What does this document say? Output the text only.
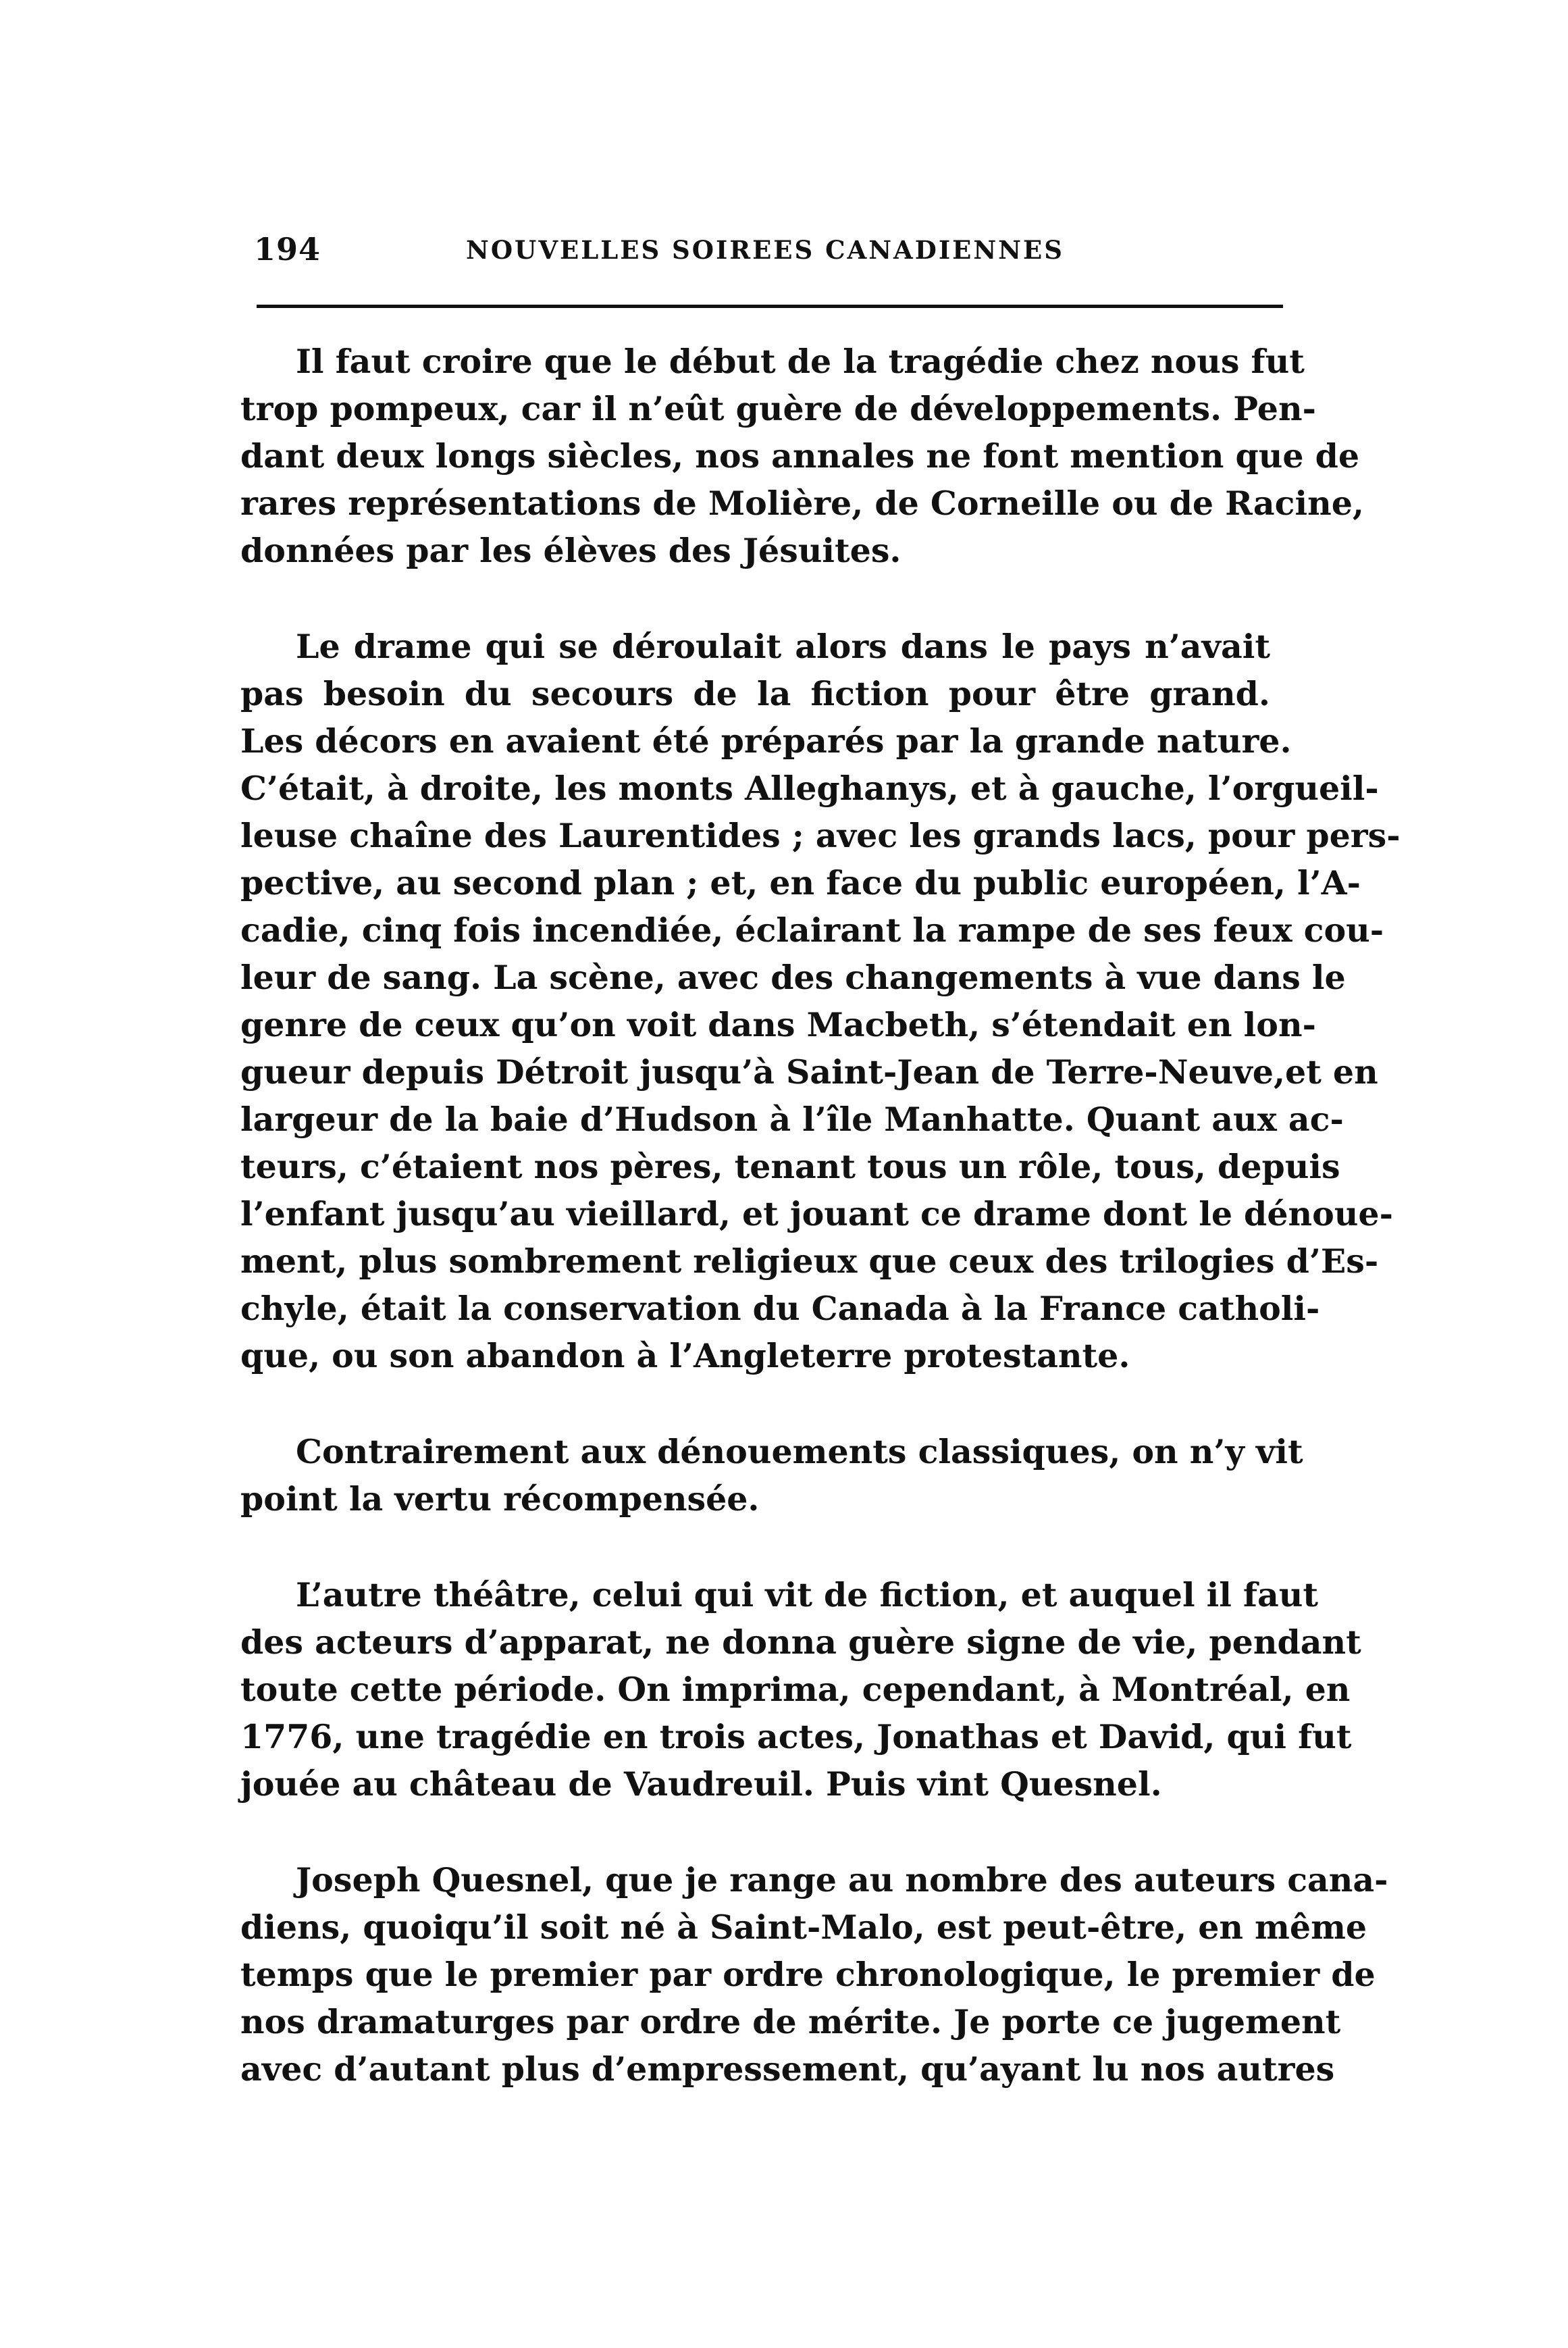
194	NOUVELLES SOIREES CANADIENNES
Il faut croire que le début de la tragédie chez nous fut
trop pompeux, car il n’eût guère de développements. Pen-
dant deux longs siècles, nos annales ne font mention que de
rares représentations de Molière, de Corneille ou de Racine,
données par les élèves des Jésuites.
Le drame qui se déroulait alors dans le pays n’avait
pas besoin du secours de la fiction pour être grand.
Les décors en avaient été préparés par la grande nature.
C’était, à droite, les monts Alleghanys, et à gauche, l’orgueil-
leuse chaîne des Laurentides ; avec les grands lacs, pour pers-
pective, au second plan ; et, en face du public européen, l’A-
cadie, cinq fois incendiée, éclairant la rampe de ses feux cou-
leur de sang. La scène, avec des changements à vue dans le
genre de ceux qu’on voit dans Macbeth, s’étendait en lon-
gueur depuis Détroit jusqu’à Saint-Jean de Terre-Neuve,et en
largeur de la baie d’Hudson à l’île Manhatte. Quant aux ac-
teurs, c’étaient nos pères, tenant tous un rôle, tous, depuis
l’enfant jusqu’au vieillard, et jouant ce drame dont le dénoue-
ment, plus sombrement religieux que ceux des trilogies d’Es-
chyle, était la conservation du Canada à la France catholi-
que, ou son abandon à l’Angleterre protestante.
Contrairement aux dénouements classiques, on n’y vit
point la vertu récompensée.
L’autre théâtre, celui qui vit de fiction, et auquel il faut
des acteurs d’apparat, ne donna guère signe de vie, pendant
toute cette période. On imprima, cependant, à Montréal, en
1776, une tragédie en trois actes, Jonathas et David, qui fut
jouée au château de Vaudreuil. Puis vint Quesnel.
Joseph Quesnel, que je range au nombre des auteurs cana-
diens, quoiqu’il soit né à Saint-Malo, est peut-être, en même
temps que le premier par ordre chronologique, le premier de
nos dramaturges par ordre de mérite. Je porte ce jugement
avec d’autant plus d’empressement, qu’ayant lu nos autres
